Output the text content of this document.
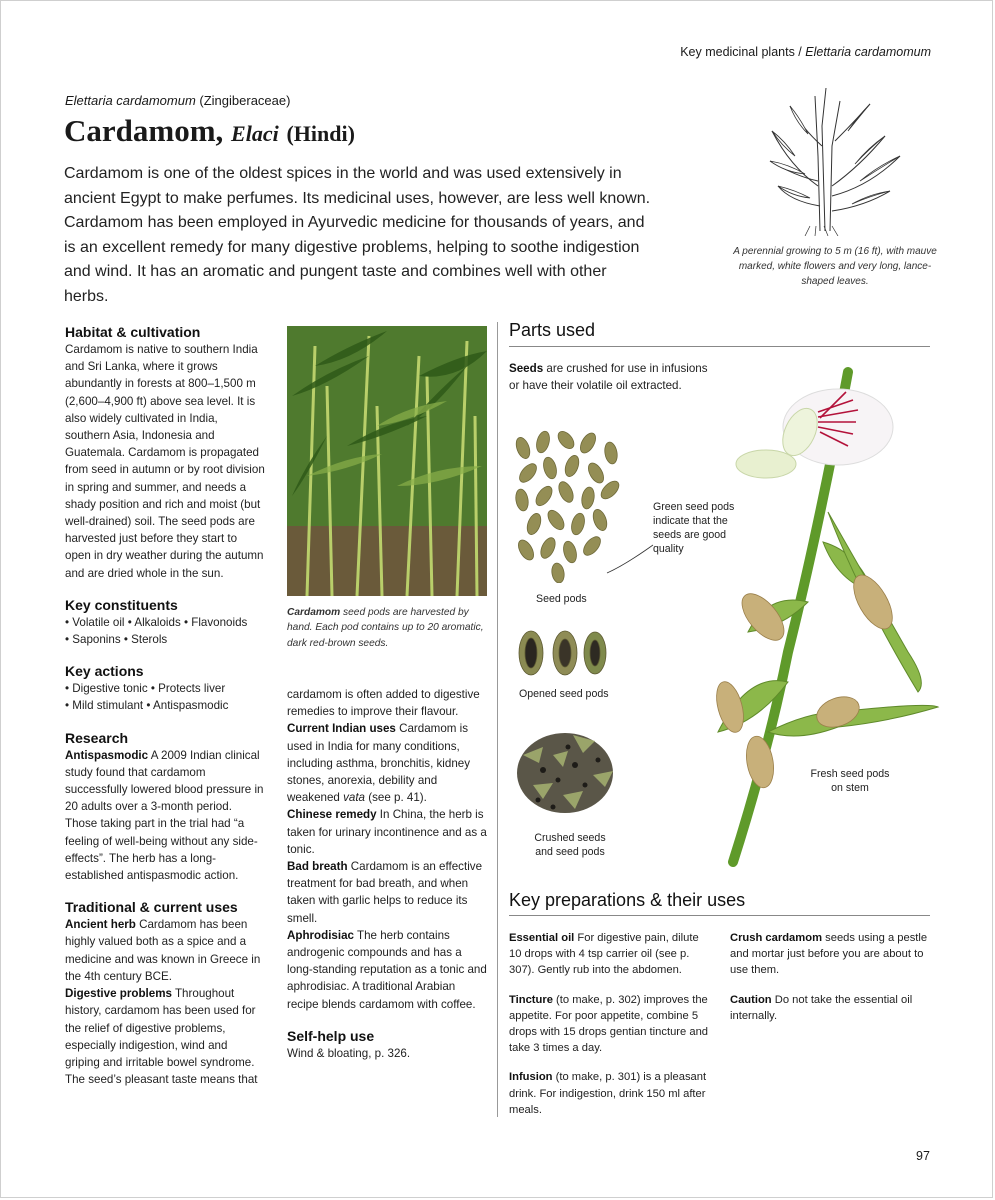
Key medicinal plants / Elettaria cardamomum
Elettaria cardamomum (Zingiberaceae)
Cardamom, Elaci (Hindi)
Cardamom is one of the oldest spices in the world and was used extensively in ancient Egypt to make perfumes. Its medicinal uses, however, are less well known. Cardamom has been employed in Ayurvedic medicine for thousands of years, and is an excellent remedy for many digestive problems, helping to soothe indigestion and wind. It has an aromatic and pungent taste and combines well with other herbs.
A perennial growing to 5 m (16 ft), with mauve marked, white flowers and very long, lance-shaped leaves.
Habitat & cultivation

Cardamom is native to southern India and Sri Lanka, where it grows abundantly in forests at 800–1,500 m (2,600–4,900 ft) above sea level. It is also widely cultivated in India, southern Asia, Indonesia and Guatemala. Cardamom is propagated from seed in autumn or by root division in spring and summer, and needs a shady position and rich and moist (but well-drained) soil. The seed pods are harvested just before they start to open in dry weather during the autumn and are dried whole in the sun.

Key constituents

• Volatile oil • Alkaloids • Flavonoids

• Saponins • Sterols

Key actions

• Digestive tonic • Protects liver

• Mild stimulant • Antispasmodic

Research

Antispasmodic A 2009 Indian clinical study found that cardamom successfully lowered blood pressure in 20 adults over a 3-month period. Those taking part in the trial had “a feeling of well-being without any side-effects”. The herb has a long-established antispasmodic action.

Traditional & current uses

Ancient herb Cardamom has been highly valued both as a spice and a medicine and was known in Greece in the 4th century BCE.

Digestive problems Throughout history, cardamom has been used for the relief of digestive problems, especially indigestion, wind and griping and irritable bowel syndrome. The seed’s pleasant taste means that

Cardamom seed pods are harvested by hand. Each pod contains up to 20 aromatic, dark red-brown seeds.

cardamom is often added to digestive remedies to improve their flavour.

Current Indian uses Cardamom is used in India for many conditions, including asthma, bronchitis, kidney stones, anorexia, debility and weakened vata (see p. 41).

Chinese remedy In China, the herb is taken for urinary incontinence and as a tonic.

Bad breath Cardamom is an effective treatment for bad breath, and when taken with garlic helps to reduce its smell.

Aphrodisiac The herb contains androgenic compounds and has a long-standing reputation as a tonic and aphrodisiac. A traditional Arabian recipe blends cardamom with coffee.

Self-help use

Wind & bloating, p. 326.

Parts used
Seeds are crushed for use in infusions or have their volatile oil extracted.
Green seed pods indicate that the seeds are good quality
Seed pods
Opened seed pods
Crushed seeds and seed pods
Fresh seed pods on stem
Key preparations & their uses

Essential oil For digestive pain, dilute 10 drops with 4 tsp carrier oil (see p. 307). Gently rub into the abdomen.

Tincture (to make, p. 302) improves the appetite. For poor appetite, combine 5 drops with 15 drops gentian tincture and take 3 times a day.

Infusion (to make, p. 301) is a pleasant drink. For indigestion, drink 150 ml after meals.

Crush cardamom seeds using a pestle and mortar just before you are about to use them.

Caution Do not take the essential oil internally.

97
